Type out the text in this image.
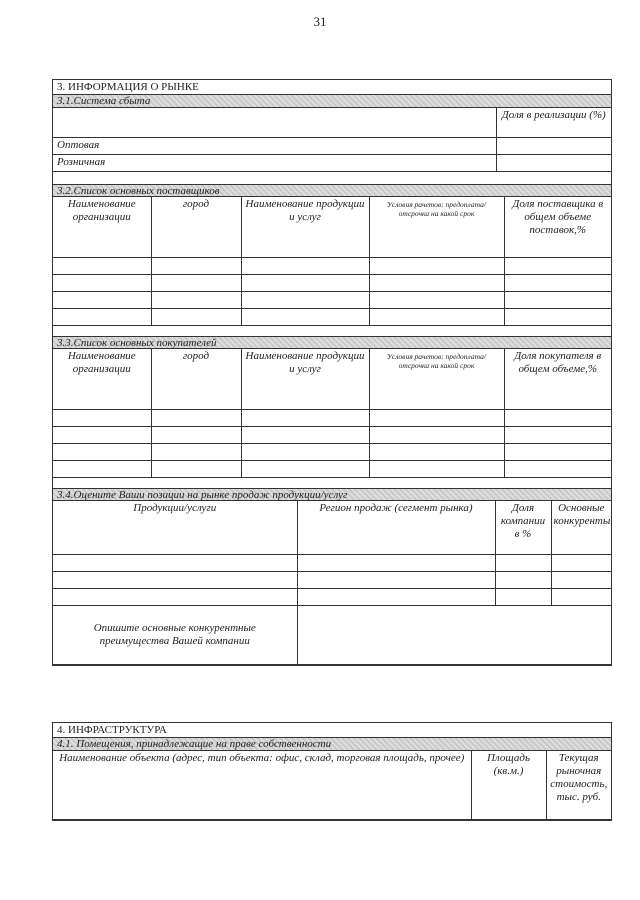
31
3. ИНФОРМАЦИЯ О РЫНКЕ
3.1.Система сбыта
	Доля в реализации (%)
Оптовая	
Розничная	
3.2.Список основных поставщиков
Наименование организации	город	Наименование продукции и услуг	Условия рачетов: предоплата/ отсрочка на какой срок	Доля поставщика в общем объеме поставок,%

3.3.Список основных покупателей
Наименование организации	город	Наименование продукции и услуг	Условия рачетов: предоплата/ отсрочка на какой срок	Доля покупателя в общем объеме,%

3.4.Оцените Ваши позиции на рынке продаж продукции/услуг
Продукции/услуги	Регион продаж (сегмент рынка)	Доля компании в %	Основные конкуренты

Опишите основные конкурентные преимущества Вашей компании			
4. ИНФРАСТРУКТУРА
4.1. Помещения, принадлежащие на праве собственности
Наименование объекта (адрес, тип объекта: офис, склад, торговая площадь, прочее)	Площадь (кв.м.)	Текущая рыночная стоимость, тыс. руб.
